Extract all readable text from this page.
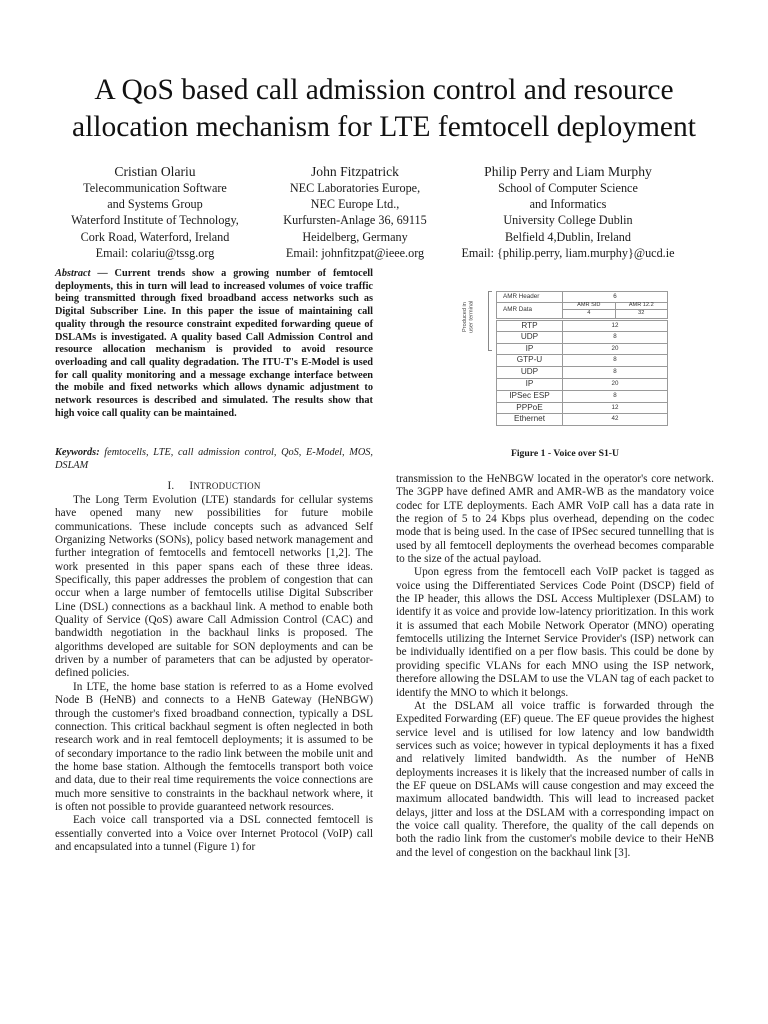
A QoS based call admission control and resource
allocation mechanism for LTE femtocell deployment
Cristian Olariu
Telecommunication Software
and Systems Group
Waterford Institute of Technology,
Cork Road, Waterford, Ireland
Email: colariu@tssg.org
John Fitzpatrick
NEC Laboratories Europe,
NEC Europe Ltd.,
Kurfursten-Anlage 36, 69115
Heidelberg, Germany
Email: johnfitzpat@ieee.org
Philip Perry and Liam Murphy
School of Computer Science
and Informatics
University College Dublin
Belfield 4,Dublin, Ireland
Email: {philip.perry, liam.murphy}@ucd.ie
Abstract — Current trends show a growing number of femtocell deployments, this in turn will lead to increased volumes of voice traffic being transmitted through fixed broadband access networks such as Digital Subscriber Line. In this paper the issue of maintaining call quality through the resource constraint expedited forwarding queue of DSLAMs is investigated. A quality based Call Admission Control and resource allocation mechanism is provided to avoid resource overloading and call quality degradation. The ITU-T's E-Model is used for call quality monitoring and a message exchange interface between the mobile and fixed networks which allows dynamic adjustment to network resources is described and simulated. The results show that high voice call quality can be maintained.
Keywords: femtocells, LTE, call admission control, QoS, E-Model, MOS, DSLAM
I. INTRODUCTION

The Long Term Evolution (LTE) standards for cellular systems have opened many new possibilities for future mobile communications. These include concepts such as advanced Self Organizing Networks (SONs), policy based network management and further integration of femtocells and femtocell networks [1,2]. The work presented in this paper spans each of these three ideas. Specifically, this paper addresses the problem of congestion that can occur when a large number of femtocells utilise Digital Subscriber Line (DSL) connections as a backhaul link. A method to enable both Quality of Service (QoS) aware Call Admission Control (CAC) and bandwidth negotiation in the backhaul links is proposed. The algorithms developed are suitable for SON deployments and can be driven by a number of parameters that can be adjusted by operator-defined policies.

In LTE, the home base station is referred to as a Home evolved Node B (HeNB) and connects to a HeNB Gateway (HeNBGW) through the customer's fixed broadband connection, typically a DSL connection. This critical backhaul segment is often neglected in both research work and in real femtocell deployments; it is assumed to be of secondary importance to the radio link between the mobile unit and the home base station. Although the femtocells transport both voice and data, due to their real time requirements the voice connections are much more sensitive to constraints in the backhaul network where, it is often not possible to provide guaranteed network resources.

Each voice call transported via a DSL connected femtocell is essentially converted into a Voice over Internet Protocol (VoIP) call and encapsulated into a tunnel (Figure 1) for

Produced in user terminal
AMR Header	6
AMR Data
AMR SID
4
AMR 12.2
32
RTP	12
UDP	8
IP	20
GTP-U	8
UDP	8
IP	20
IPSec ESP	8
PPPoE	12
Ethernet	42
Figure 1 - Voice over S1-U

transmission to the HeNBGW located in the operator's core network. The 3GPP have defined AMR and AMR-WB as the mandatory voice codec for LTE deployments. Each AMR VoIP call has a data rate in the region of 5 to 24 Kbps plus overhead, depending on the codec mode that is being used. In the case of IPSec secured tunnelling that is used by all femtocell deployments the overhead becomes comparable to the size of the actual payload.

Upon egress from the femtocell each VoIP packet is tagged as voice using the Differentiated Services Code Point (DSCP) field of the IP header, this allows the DSL Access Multiplexer (DSLAM) to identify it as voice and provide low-latency prioritization. In this work it is assumed that each Mobile Network Operator (MNO) operating femtocells utilizing the Internet Service Provider's (ISP) network can be individually identified on a per flow basis. This could be done by providing specific VLANs for each MNO using the ISP network, therefore allowing the DSLAM to use the VLAN tag of each packet to identify the MNO to which it belongs.

At the DSLAM all voice traffic is forwarded through the Expedited Forwarding (EF) queue. The EF queue provides the highest service level and is utilised for low latency and low bandwidth services such as voice; however in typical deployments it has a fixed and relatively limited bandwidth. As the number of HeNB deployments increases it is likely that the increased number of calls in the EF queue on DSLAMs will cause congestion and may exceed the maximum allocated bandwidth. This will lead to increased packet delays, jitter and loss at the DSLAM with a corresponding impact on the voice call quality. Therefore, the quality of the call depends on both the radio link from the customer's mobile device to their HeNB and the level of congestion on the backhaul link [3].
